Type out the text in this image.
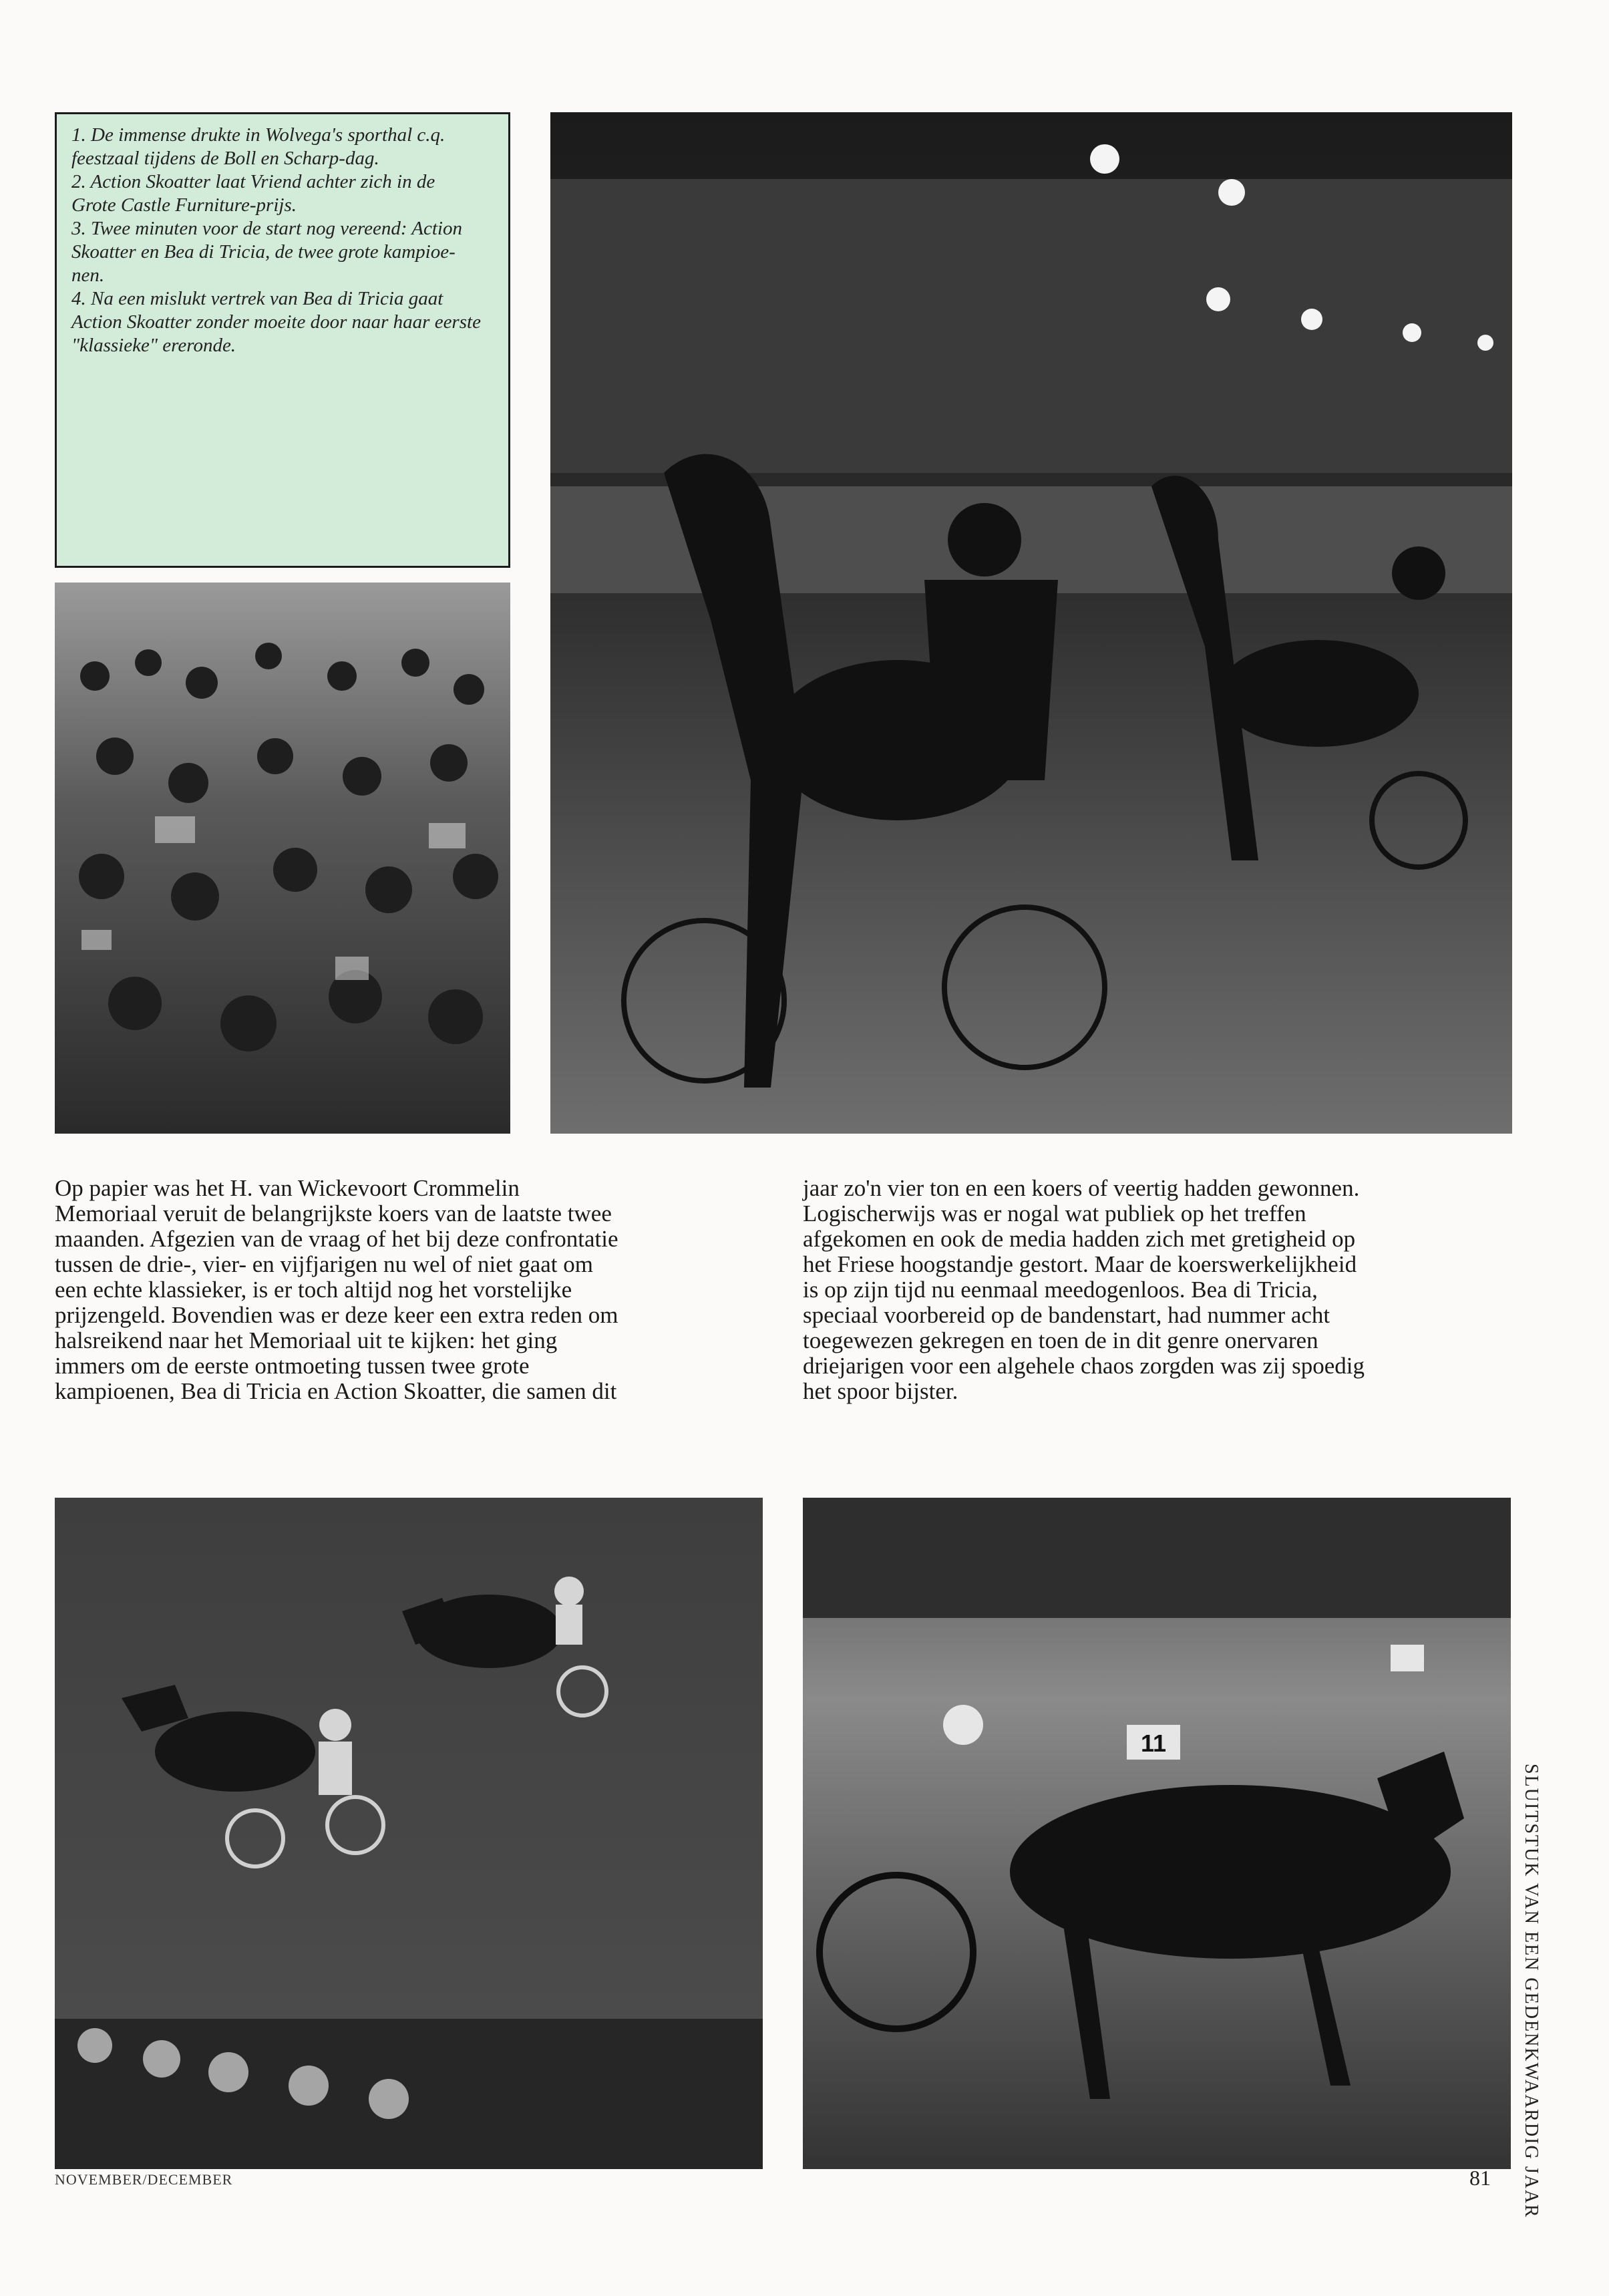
1. De immense drukte in Wolvega's sporthal c.q.

feestzaal tijdens de Boll en Scharp-dag.

2. Action Skoatter laat Vriend achter zich in de

Grote Castle Furniture-prijs.

3. Twee minuten voor de start nog vereend: Action

Skoatter en Bea di Tricia, de twee grote kampioe-

nen.

4. Na een mislukt vertrek van Bea di Tricia gaat

Action Skoatter zonder moeite door naar haar eerste

"klassieke" ereronde.

Op papier was het H. van Wickevoort Crommelin
Memoriaal veruit de belangrijkste koers van de laatste twee
maanden. Afgezien van de vraag of het bij deze confrontatie
tussen de drie-, vier- en vijfjarigen nu wel of niet gaat om
een echte klassieker, is er toch altijd nog het vorstelijke
prijzengeld. Bovendien was er deze keer een extra reden om
halsreikend naar het Memoriaal uit te kijken: het ging
immers om de eerste ontmoeting tussen twee grote
kampioenen, Bea di Tricia en Action Skoatter, die samen dit
jaar zo'n vier ton en een koers of veertig hadden gewonnen.
Logischerwijs was er nogal wat publiek op het treffen
afgekomen en ook de media hadden zich met gretigheid op
het Friese hoogstandje gestort. Maar de koerswerkelijkheid
is op zijn tijd nu eenmaal meedogenloos. Bea di Tricia,
speciaal voorbereid op de bandenstart, had nummer acht
toegewezen gekregen en toen de in dit genre onervaren
driejarigen voor een algehele chaos zorgden was zij spoedig
het spoor bijster.
11
SLUITSTUK VAN EEN GEDENKWAARDIG JAAR
NOVEMBER/DECEMBER	81
